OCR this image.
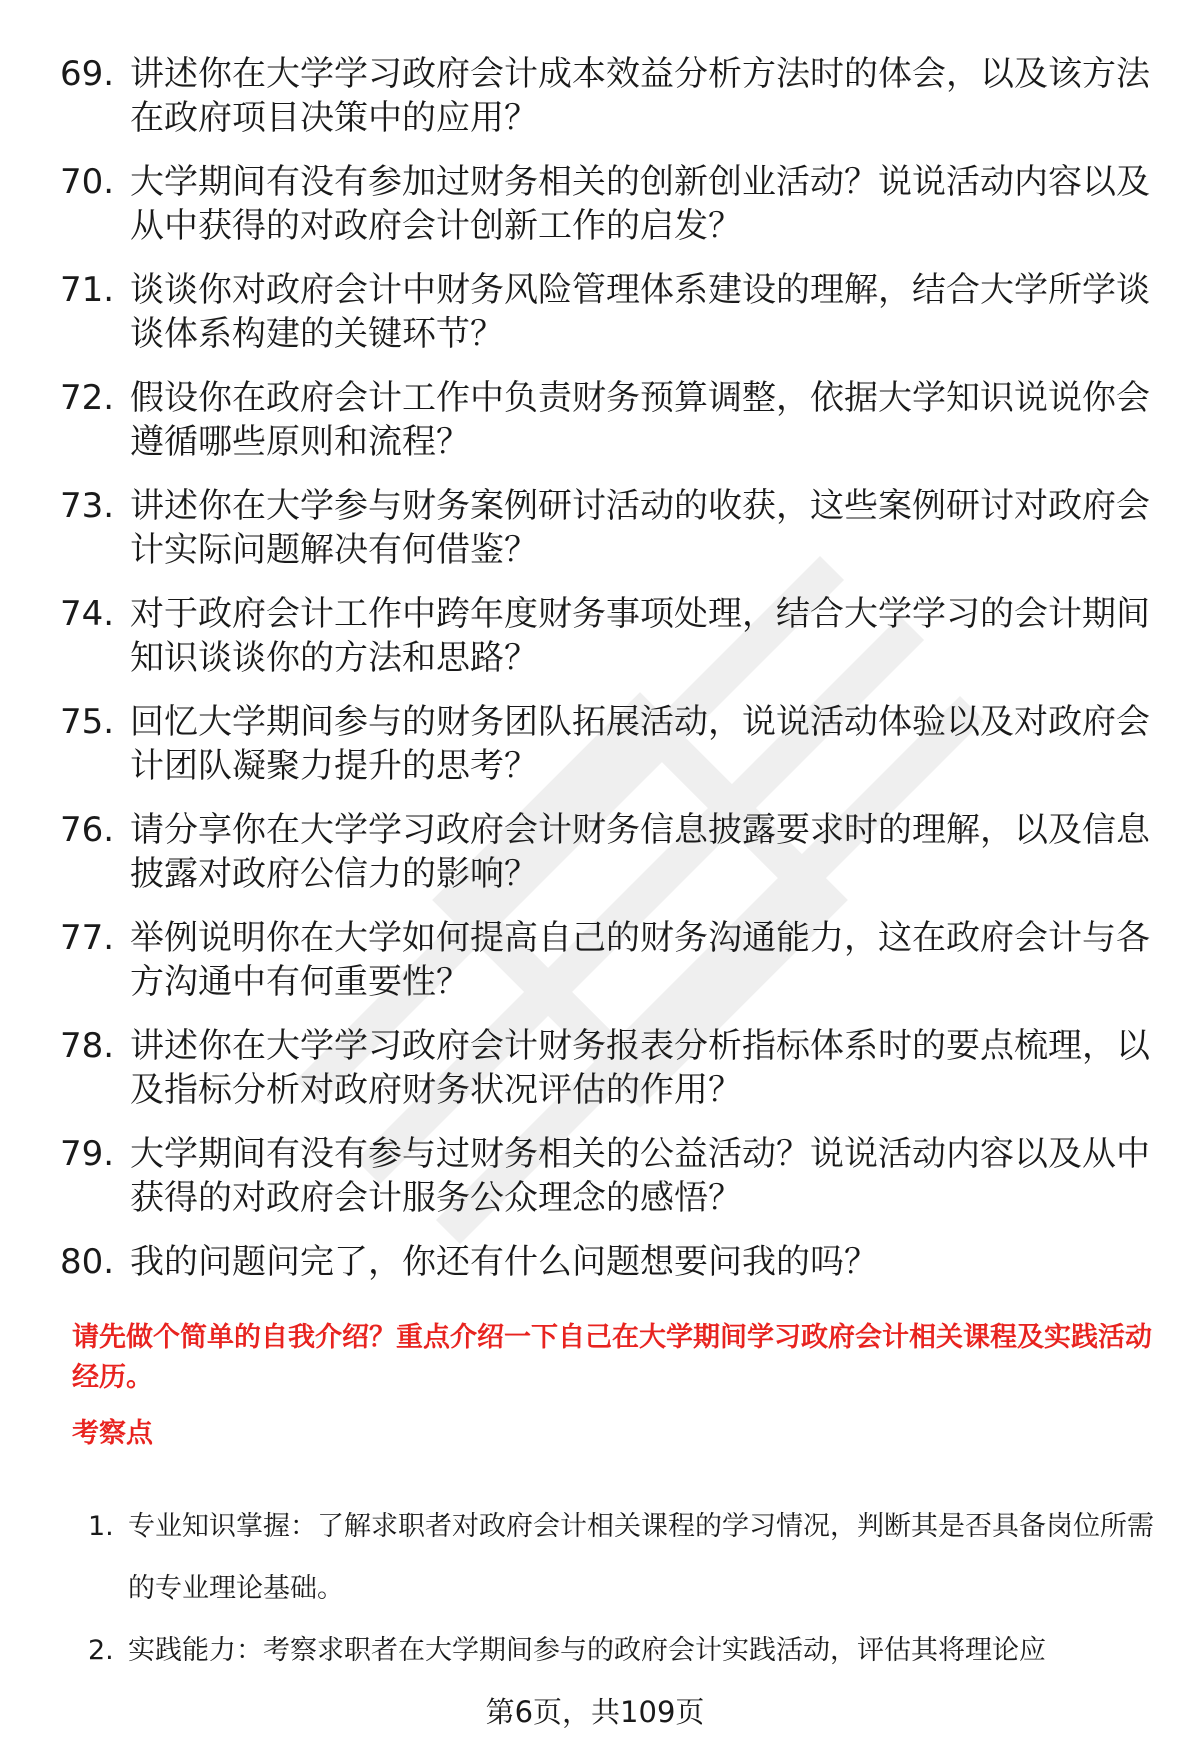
69. 讲述你在大学学习政府会计成本效益分析方法时的体会，以及该方法在政府项目决策中的应用？
70. 大学期间有没有参加过财务相关的创新创业活动？说说活动内容以及从中获得的对政府会计创新工作的启发？
71. 谈谈你对政府会计中财务风险管理体系建设的理解，结合大学所学谈谈体系构建的关键环节？
72. 假设你在政府会计工作中负责财务预算调整，依据大学知识说说你会遵循哪些原则和流程？
73. 讲述你在大学参与财务案例研讨活动的收获，这些案例研讨对政府会计实际问题解决有何借鉴？
74. 对于政府会计工作中跨年度财务事项处理，结合大学学习的会计期间知识谈谈你的方法和思路？
75. 回忆大学期间参与的财务团队拓展活动，说说活动体验以及对政府会计团队凝聚力提升的思考？
76. 请分享你在大学学习政府会计财务信息披露要求时的理解，以及信息披露对政府公信力的影响？
77. 举例说明你在大学如何提高自己的财务沟通能力，这在政府会计与各方沟通中有何重要性？
78. 讲述你在大学学习政府会计财务报表分析指标体系时的要点梳理，以及指标分析对政府财务状况评估的作用？
79. 大学期间有没有参与过财务相关的公益活动？说说活动内容以及从中获得的对政府会计服务公众理念的感悟？
80. 我的问题问完了，你还有什么问题想要问我的吗？

请先做个简单的自我介绍？重点介绍一下自己在大学期间学习政府会计相关课程及实践活动经历。

考察点

1. 专业知识掌握：了解求职者对政府会计相关课程的学习情况，判断其是否具备岗位所需的专业理论基础。
2. 实践能力：考察求职者在大学期间参与的政府会计实践活动，评估其将理论应
第6页，共109页
